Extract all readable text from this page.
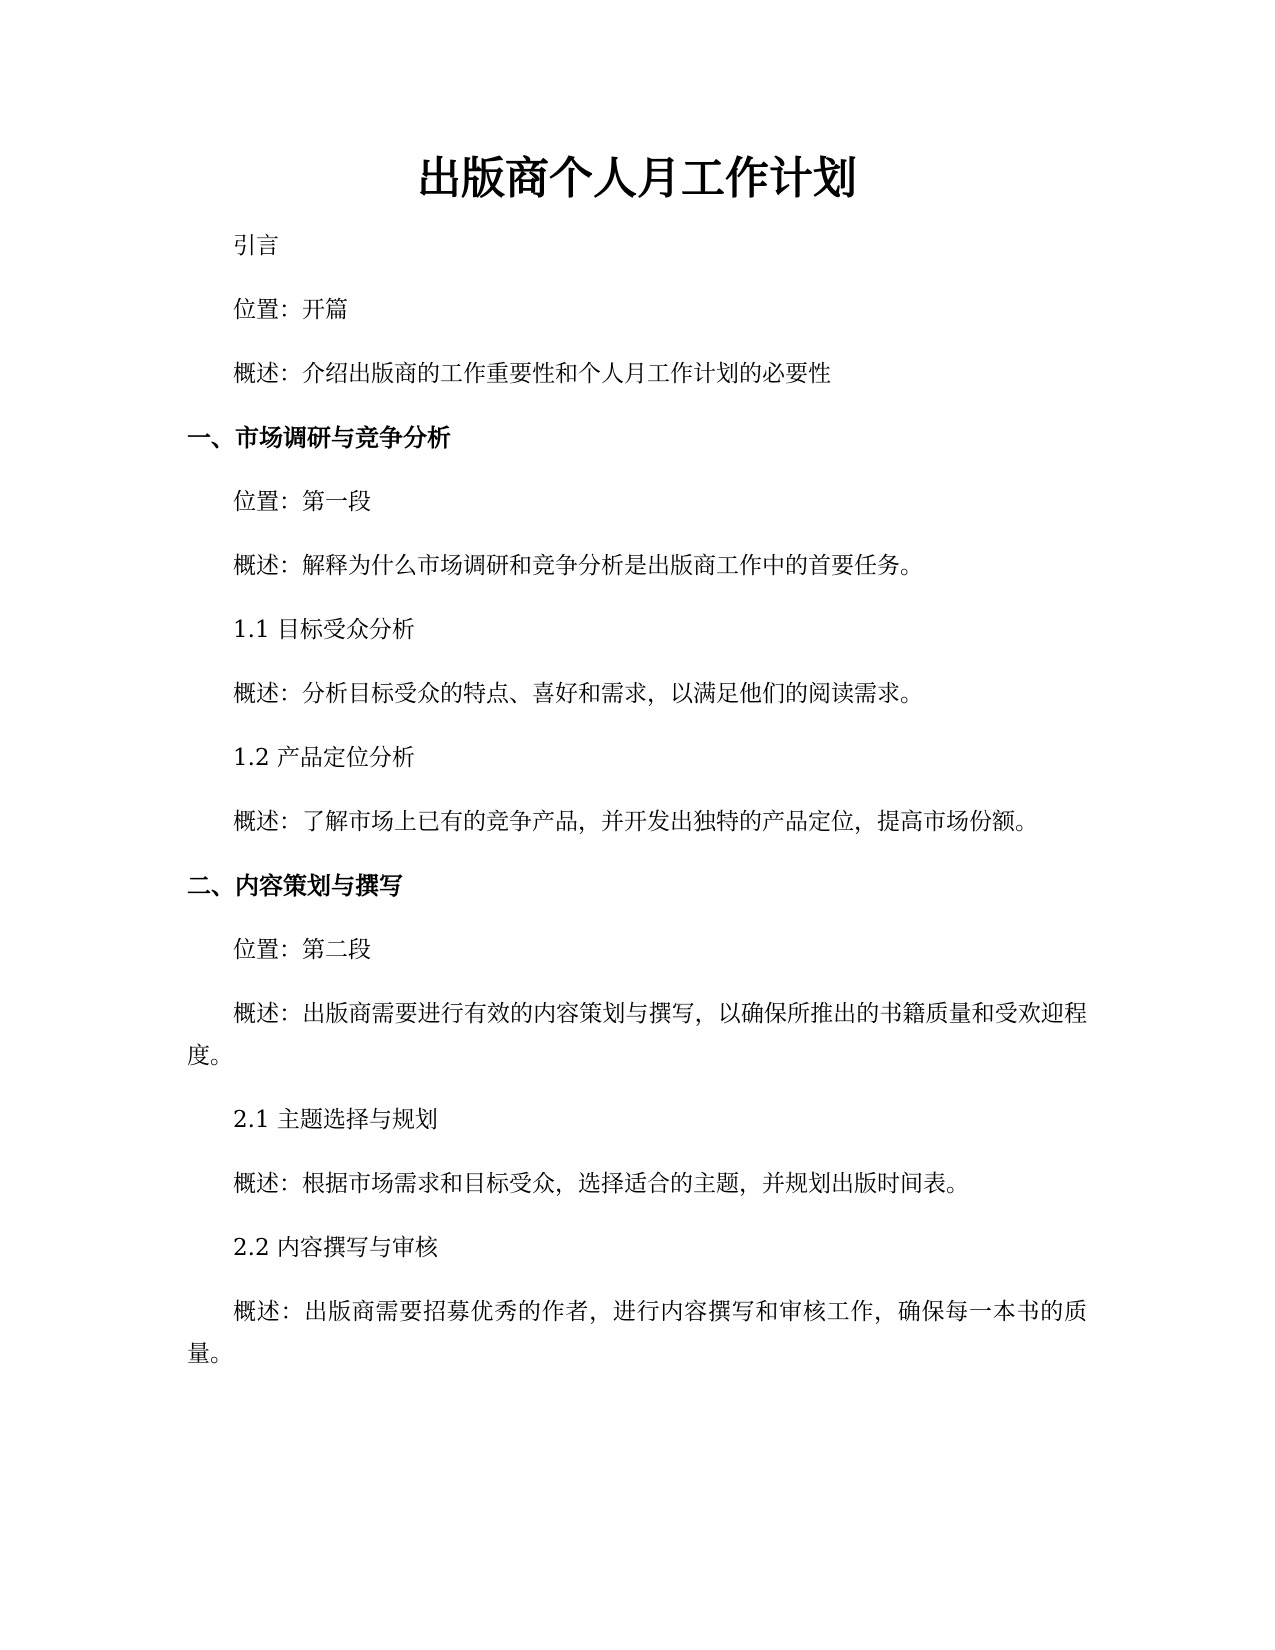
出版商个人月工作计划

引言

位置：开篇

概述：介绍出版商的工作重要性和个人月工作计划的必要性

一、市场调研与竞争分析

位置：第一段

概述：解释为什么市场调研和竞争分析是出版商工作中的首要任务。

1.1 目标受众分析

概述：分析目标受众的特点、喜好和需求，以满足他们的阅读需求。

1.2 产品定位分析

概述：了解市场上已有的竞争产品，并开发出独特的产品定位，提高市场份额。

二、内容策划与撰写

位置：第二段

概述：出版商需要进行有效的内容策划与撰写，以确保所推出的书籍质量和受欢迎程度。

2.1 主题选择与规划

概述：根据市场需求和目标受众，选择适合的主题，并规划出版时间表。

2.2 内容撰写与审核

概述：出版商需要招募优秀的作者，进行内容撰写和审核工作，确保每一本书的质量。
